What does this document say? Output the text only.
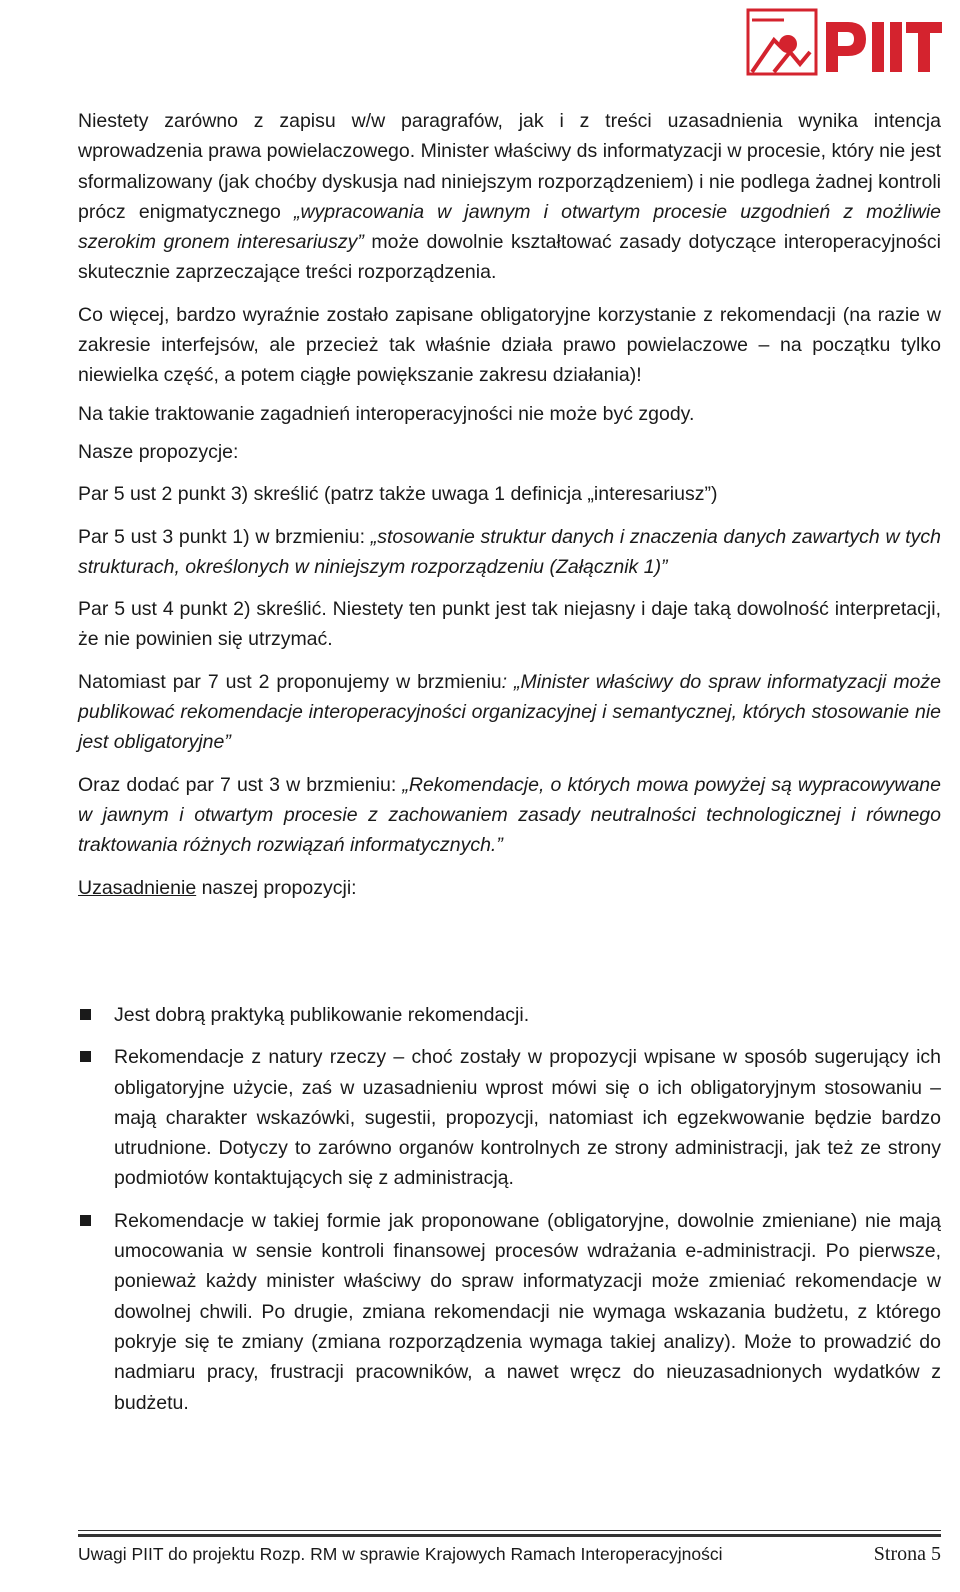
Niestety zarówno z zapisu w/w paragrafów, jak i z treści uzasadnienia wynika intencja wprowadzenia prawa powielaczowego. Minister właściwy ds informatyzacji w procesie, który nie jest sformalizowany (jak choćby dyskusja nad niniejszym rozporządzeniem) i nie podlega żadnej kontroli prócz enigmatycznego „wypracowania w jawnym i otwartym procesie uzgodnień z możliwie szerokim gronem interesariuszy” może dowolnie kształtować zasady dotyczące interoperacyjności skutecznie zaprzeczające treści rozporządzenia.

Co więcej, bardzo wyraźnie zostało zapisane obligatoryjne korzystanie z rekomendacji (na razie w zakresie interfejsów, ale przecież tak właśnie działa prawo powielaczowe – na początku tylko niewielka część, a potem ciągłe powiększanie zakresu działania)!

Na takie traktowanie zagadnień interoperacyjności nie może być zgody.

Nasze propozycje:

Par 5 ust 2 punkt 3) skreślić (patrz także uwaga 1 definicja „interesariusz”)

Par 5 ust 3 punkt 1) w brzmieniu: „stosowanie struktur danych i znaczenia danych zawartych w tych strukturach, określonych w niniejszym rozporządzeniu (Załącznik 1)”

Par 5 ust 4 punkt 2) skreślić. Niestety ten punkt jest tak niejasny i daje taką dowolność interpretacji, że nie powinien się utrzymać.

Natomiast par 7 ust 2 proponujemy w brzmieniu: „Minister właściwy do spraw informatyzacji może publikować rekomendacje interoperacyjności organizacyjnej i semantycznej, których stosowanie nie jest obligatoryjne”

Oraz dodać par 7 ust 3 w brzmieniu: „Rekomendacje, o których mowa powyżej są wypracowywane w jawnym i otwartym procesie z zachowaniem zasady neutralności technologicznej i równego traktowania różnych rozwiązań informatycznych.”

Uzasadnienie naszej propozycji:

Jest dobrą praktyką publikowanie rekomendacji.
Rekomendacje z natury rzeczy – choć zostały w propozycji wpisane w sposób sugerujący ich obligatoryjne użycie, zaś w uzasadnieniu wprost mówi się o ich obligatoryjnym stosowaniu – mają charakter wskazówki, sugestii, propozycji, natomiast ich egzekwowanie będzie bardzo utrudnione. Dotyczy to zarówno organów kontrolnych ze strony administracji, jak też ze strony podmiotów kontaktujących się z administracją.
Rekomendacje w takiej formie jak proponowane (obligatoryjne, dowolnie zmieniane) nie mają umocowania w sensie kontroli finansowej procesów wdrażania e-administracji. Po pierwsze, ponieważ każdy minister właściwy do spraw informatyzacji może zmieniać rekomendacje w dowolnej chwili. Po drugie, zmiana rekomendacji nie wymaga wskazania budżetu, z którego pokryje się te zmiany (zmiana rozporządzenia wymaga takiej analizy). Może to prowadzić do nadmiaru pracy, frustracji pracowników, a nawet wręcz do nieuzasadnionych wydatków z budżetu.
Uwagi PIIT do projektu Rozp. RM w sprawie Krajowych Ramach Interoperacyjności	Strona 5
